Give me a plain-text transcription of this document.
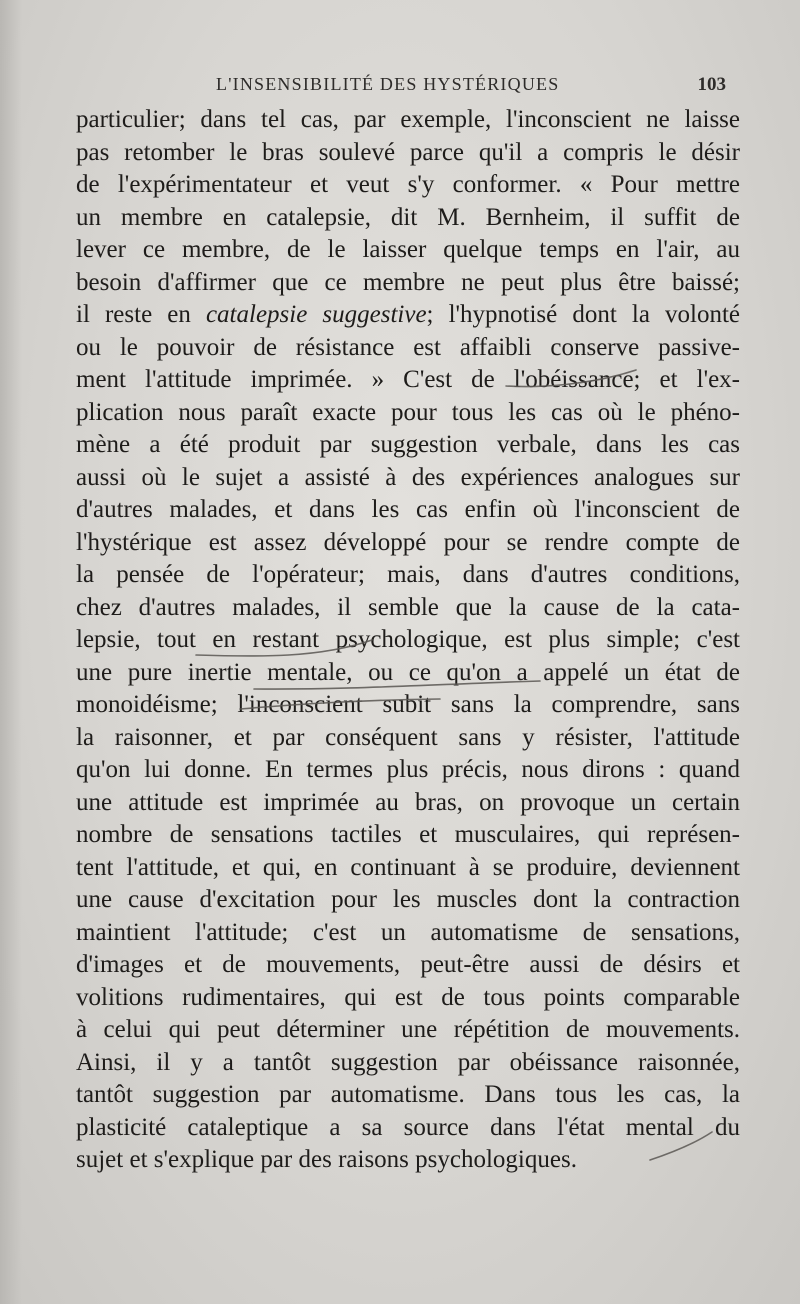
L'INSENSIBILITÉ DES HYSTÉRIQUES	103
particulier; dans tel cas, par exemple, l'inconscient ne laisse
pas retomber le bras soulevé parce qu'il a compris le désir
de l'expérimentateur et veut s'y conformer. « Pour mettre
un membre en catalepsie, dit M. Bernheim, il suffit de
lever ce membre, de le laisser quelque temps en l'air, au
besoin d'affirmer que ce membre ne peut plus être baissé;
il reste en catalepsie suggestive; l'hypnotisé dont la volonté
ou le pouvoir de résistance est affaibli conserve passive-
ment l'attitude imprimée. » C'est de l'obéissance; et l'ex-
plication nous paraît exacte pour tous les cas où le phéno-
mène a été produit par suggestion verbale, dans les cas
aussi où le sujet a assisté à des expériences analogues sur
d'autres malades, et dans les cas enfin où l'inconscient de
l'hystérique est assez développé pour se rendre compte de
la pensée de l'opérateur; mais, dans d'autres conditions,
chez d'autres malades, il semble que la cause de la cata-
lepsie, tout en restant psychologique, est plus simple; c'est
une pure inertie mentale, ou ce qu'on a appelé un état de
monoidéisme; l'inconscient subit sans la comprendre, sans
la raisonner, et par conséquent sans y résister, l'attitude
qu'on lui donne. En termes plus précis, nous dirons : quand
une attitude est imprimée au bras, on provoque un certain
nombre de sensations tactiles et musculaires, qui représen-
tent l'attitude, et qui, en continuant à se produire, deviennent
une cause d'excitation pour les muscles dont la contraction
maintient l'attitude; c'est un automatisme de sensations,
d'images et de mouvements, peut-être aussi de désirs et
volitions rudimentaires, qui est de tous points comparable
à celui qui peut déterminer une répétition de mouvements.
Ainsi, il y a tantôt suggestion par obéissance raisonnée,
tantôt suggestion par automatisme. Dans tous les cas, la
plasticité cataleptique a sa source dans l'état mental du
sujet et s'explique par des raisons psychologiques.
